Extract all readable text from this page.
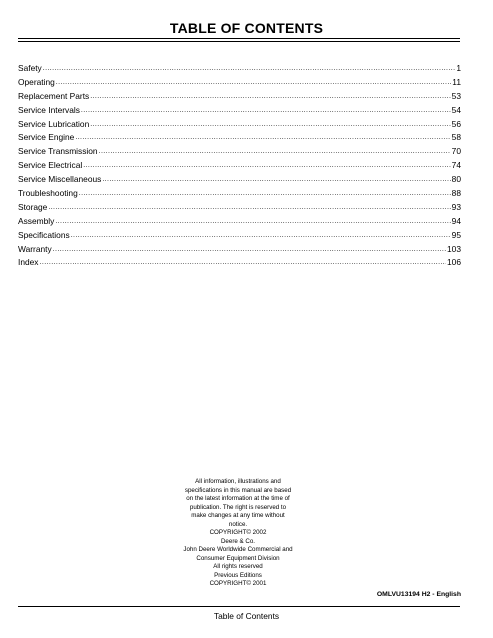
TABLE OF CONTENTS
Safety .....	1
Operating .....	11
Replacement Parts .....	53
Service Intervals .....	54
Service Lubrication .....	56
Service Engine .....	58
Service Transmission .....	70
Service Electrical .....	74
Service Miscellaneous .....	80
Troubleshooting .....	88
Storage .....	93
Assembly .....	94
Specifications .....	95
Warranty .....	103
Index .....	106
All information, illustrations and
specifications in this manual are based
on the latest information at the time of
publication. The right is reserved to
make changes at any time without
notice.
COPYRIGHT© 2002
Deere & Co.
John Deere Worldwide Commercial and
Consumer Equipment Division
All rights reserved
Previous Editions
COPYRIGHT© 2001
OMLVU13194 H2 - English
Table of Contents
